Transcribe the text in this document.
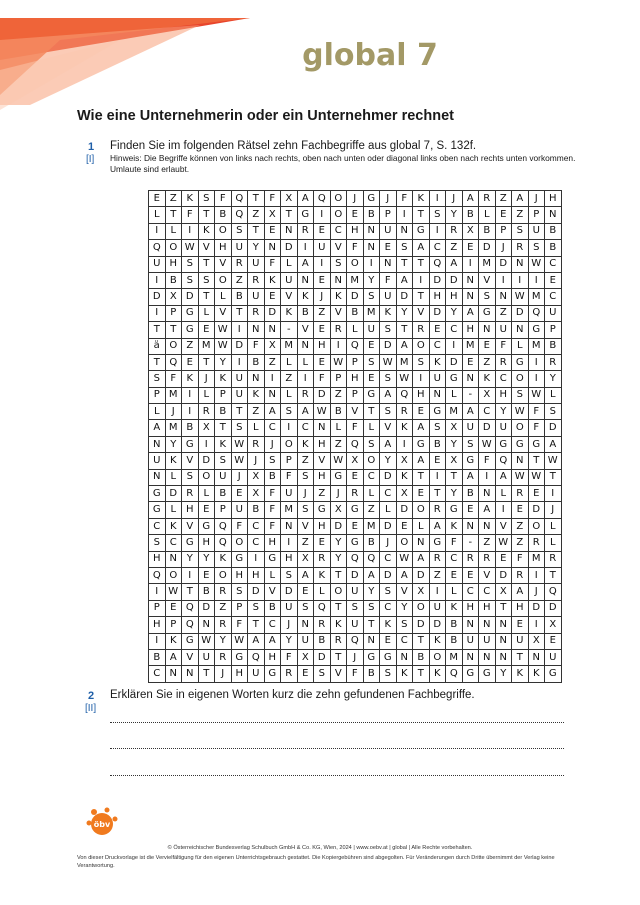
global 7
Wie eine Unternehmerin oder ein Unternehmer rechnet
1
[I]
Finden Sie im folgenden Rätsel zehn Fachbegriffe aus global 7, S. 132f.
Hinweis: Die Begriffe können von links nach rechts, oben nach unten oder diagonal links oben nach rechts unten vorkommen. Umlaute sind erlaubt.
E	Z	K	S	F	Q	T	F	X	A	Q	O	J	G	J	F	K	I	J	A	R	Z	A	J	H
L	T	F	T	B	Q	Z	X	T	G	I	O	E	B	P	I	T	S	Y	B	L	E	Z	P	N
I	L	I	K	O	S	T	E	N	R	E	C	H	N	U	N	G	I	R	X	B	P	S	U	B
Q	O	W	V	H	U	Y	N	D	I	U	V	F	N	E	S	A	C	Z	E	D	J	R	S	B
U	H	S	T	V	R	U	F	L	A	I	S	O	I	N	T	T	Q	A	I	M	D	N	W	C
I	B	S	S	O	Z	R	K	U	N	E	N	M	Y	F	A	I	D	D	N	V	I	I	I	E
D	X	D	T	L	B	U	E	V	K	J	K	D	S	U	D	T	H	H	N	S	N	W	M	C
I	P	G	L	V	T	R	D	K	B	Z	V	B	M	K	Y	V	D	Y	A	G	Z	D	Q	U
T	T	G	E	W	I	N	N	-	V	E	R	L	U	S	T	R	E	C	H	N	U	N	G	P
ä	O	Z	M	W	D	F	X	M	N	H	I	Q	E	D	A	O	C	I	M	E	F	L	M	B
T	Q	E	T	Y	I	B	Z	L	L	E	W	P	S	W	M	S	K	D	E	Z	R	G	I	R
S	F	K	J	K	U	N	I	Z	I	F	P	H	E	S	W	I	U	G	N	K	C	O	I	Y
P	M	I	L	P	U	K	N	L	R	D	Z	P	G	A	Q	H	N	L	-	X	H	S	W	L
L	J	I	R	B	T	Z	A	S	A	W	B	V	T	S	R	E	G	M	A	C	Y	W	F	S
A	M	B	X	T	S	L	C	I	C	N	L	F	L	V	K	A	S	X	U	D	U	O	F	D
N	Y	G	I	K	W	R	J	O	K	H	Z	Q	S	A	I	G	B	Y	S	W	G	G	G	A
U	K	V	D	S	W	J	S	P	Z	V	W	X	O	Y	X	A	E	X	G	F	Q	N	T	W
N	L	S	O	U	J	X	B	F	S	H	G	E	C	D	K	T	I	T	A	I	A	W	W	T
G	D	R	L	B	E	X	F	U	J	Z	J	R	L	C	X	E	T	Y	B	N	L	R	E	I
G	L	H	E	P	U	B	F	M	S	G	X	G	Z	L	D	O	R	G	E	A	I	E	D	J
C	K	V	G	Q	F	C	F	N	V	H	D	E	M	D	E	L	A	K	N	N	V	Z	O	L
S	C	G	H	Q	O	C	H	I	Z	E	Y	G	B	J	O	N	G	F	-	Z	W	Z	R	L
H	N	Y	Y	K	G	I	G	H	X	R	Y	Q	Q	C	W	A	R	C	R	R	E	F	M	R
Q	O	I	E	O	H	H	L	S	A	K	T	D	A	D	A	D	Z	E	E	V	D	R	I	T
I	W	T	B	R	S	D	V	D	E	L	O	U	Y	S	V	X	I	L	C	C	X	A	J	Q
P	E	Q	D	Z	P	S	B	U	S	Q	T	S	S	C	Y	O	U	K	H	H	T	H	D	D
H	P	Q	N	R	F	T	C	J	N	R	K	U	T	K	S	D	D	B	N	N	N	E	I	X
I	K	G	W	Y	W	A	A	Y	U	B	R	Q	N	E	C	T	K	B	U	U	N	U	X	E
B	A	V	U	R	G	Q	H	F	X	D	T	J	G	G	N	B	O	M	N	N	N	T	N	U
C	N	N	T	J	H	U	G	R	E	S	V	F	B	S	K	T	K	Q	G	G	Y	K	K	G
2
[II]
Erklären Sie in eigenen Worten kurz die zehn gefundenen Fachbegriffe.
öbv
© Österreichischer Bundesverlag Schulbuch GmbH & Co. KG, Wien, 2024 | www.oebv.at | global | Alle Rechte vorbehalten.
Von dieser Druckvorlage ist die Vervielfältigung für den eigenen Unterrichtsgebrauch gestattet. Die Kopiergebühren sind abgegolten. Für Veränderungen durch Dritte übernimmt der Verlag keine Verantwortung.
